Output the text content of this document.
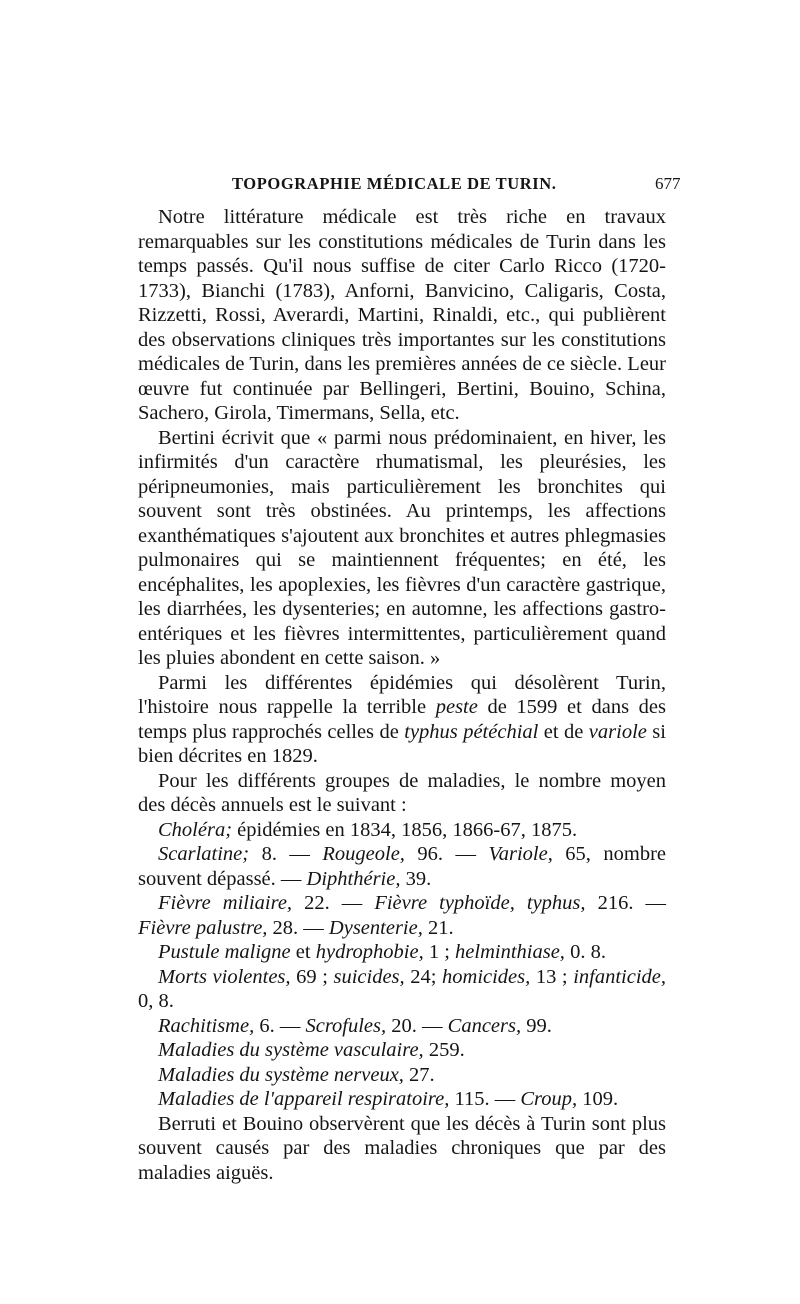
TOPOGRAPHIE MÉDICALE DE TURIN.	677

Notre littérature médicale est très riche en travaux remarquables sur les constitutions médicales de Turin dans les temps passés. Qu'il nous suffise de citer Carlo Ricco (1720-1733), Bianchi (1783), Anforni, Banvicino, Caligaris, Costa, Rizzetti, Rossi, Averardi, Martini, Rinaldi, etc., qui publièrent des observations cliniques très importantes sur les constitutions médicales de Turin, dans les premières années de ce siècle. Leur œuvre fut continuée par Bellingeri, Bertini, Bouino, Schina, Sachero, Girola, Timermans, Sella, etc.

Bertini écrivit que « parmi nous prédominaient, en hiver, les infirmités d'un caractère rhumatismal, les pleurésies, les péripneumonies, mais particulièrement les bronchites qui souvent sont très obstinées. Au printemps, les affections exanthématiques s'ajoutent aux bronchites et autres phlegmasies pulmonaires qui se maintiennent fréquentes; en été, les encéphalites, les apoplexies, les fièvres d'un caractère gastrique, les diarrhées, les dysenteries; en automne, les affections gastro-entériques et les fièvres intermittentes, particulièrement quand les pluies abondent en cette saison. »

Parmi les différentes épidémies qui désolèrent Turin, l'histoire nous rappelle la terrible peste de 1599 et dans des temps plus rapprochés celles de typhus pétéchial et de variole si bien décrites en 1829.

Pour les différents groupes de maladies, le nombre moyen des décès annuels est le suivant :

Choléra; épidémies en 1834, 1856, 1866-67, 1875.

Scarlatine; 8. — Rougeole, 96. — Variole, 65, nombre souvent dépassé. — Diphthérie, 39.

Fièvre miliaire, 22. — Fièvre typhoïde, typhus, 216. — Fièvre palustre, 28. — Dysenterie, 21.

Pustule maligne et hydrophobie, 1 ; helminthiase, 0. 8.

Morts violentes, 69 ; suicides, 24; homicides, 13 ; infanticide, 0, 8.

Rachitisme, 6. — Scrofules, 20. — Cancers, 99.

Maladies du système vasculaire, 259.

Maladies du système nerveux, 27.

Maladies de l'appareil respiratoire, 115. — Croup, 109.

Berruti et Bouino observèrent que les décès à Turin sont plus souvent causés par des maladies chroniques que par des maladies aiguës.
